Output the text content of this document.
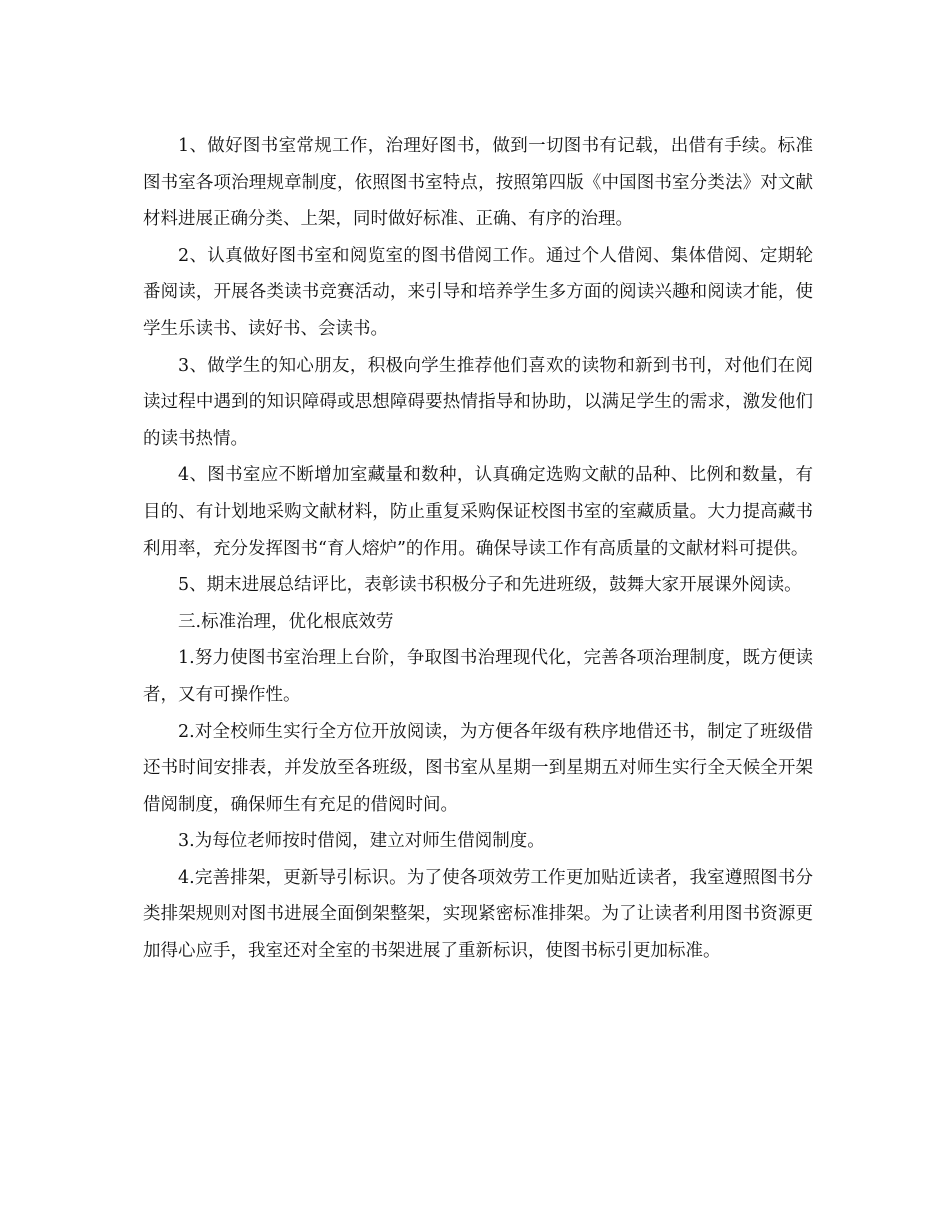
1、做好图书室常规工作，治理好图书，做到一切图书有记载，出借有手续。标准图书室各项治理规章制度，依照图书室特点，按照第四版《中国图书室分类法》对文献材料进展正确分类、上架，同时做好标准、正确、有序的治理。

2、认真做好图书室和阅览室的图书借阅工作。通过个人借阅、集体借阅、定期轮番阅读，开展各类读书竞赛活动，来引导和培养学生多方面的阅读兴趣和阅读才能，使学生乐读书、读好书、会读书。

3、做学生的知心朋友，积极向学生推荐他们喜欢的读物和新到书刊，对他们在阅读过程中遇到的知识障碍或思想障碍要热情指导和协助，以满足学生的需求，激发他们的读书热情。

4、图书室应不断增加室藏量和数种，认真确定选购文献的品种、比例和数量，有目的、有计划地采购文献材料，防止重复采购保证校图书室的室藏质量。大力提高藏书利用率，充分发挥图书“育人熔炉”的作用。确保导读工作有高质量的文献材料可提供。

5、期末进展总结评比，表彰读书积极分子和先进班级，鼓舞大家开展课外阅读。

三.标准治理，优化根底效劳

1.努力使图书室治理上台阶，争取图书治理现代化，完善各项治理制度，既方便读者，又有可操作性。

2.对全校师生实行全方位开放阅读，为方便各年级有秩序地借还书，制定了班级借还书时间安排表，并发放至各班级，图书室从星期一到星期五对师生实行全天候全开架借阅制度，确保师生有充足的借阅时间。

3.为每位老师按时借阅，建立对师生借阅制度。

4.完善排架，更新导引标识。为了使各项效劳工作更加贴近读者，我室遵照图书分类排架规则对图书进展全面倒架整架，实现紧密标准排架。为了让读者利用图书资源更加得心应手，我室还对全室的书架进展了重新标识，使图书标引更加标准。
